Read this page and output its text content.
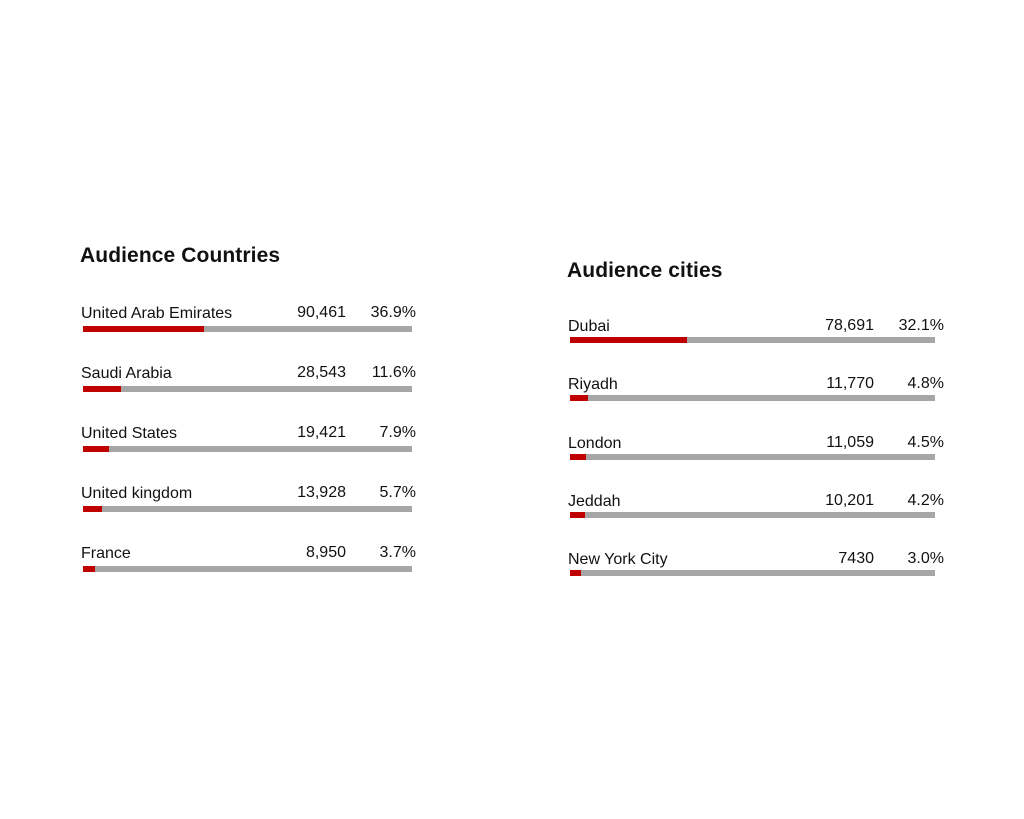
Audience Countries
United Arab Emirates	90,461	36.9%
Saudi Arabia	28,543	11.6%
United States	19,421	7.9%
United kingdom	13,928	5.7%
France	8,950	3.7%
Audience cities
Dubai	78,691	32.1%
Riyadh	11,770	4.8%
London	11,059	4.5%
Jeddah	10,201	4.2%
New York City	7430	3.0%
